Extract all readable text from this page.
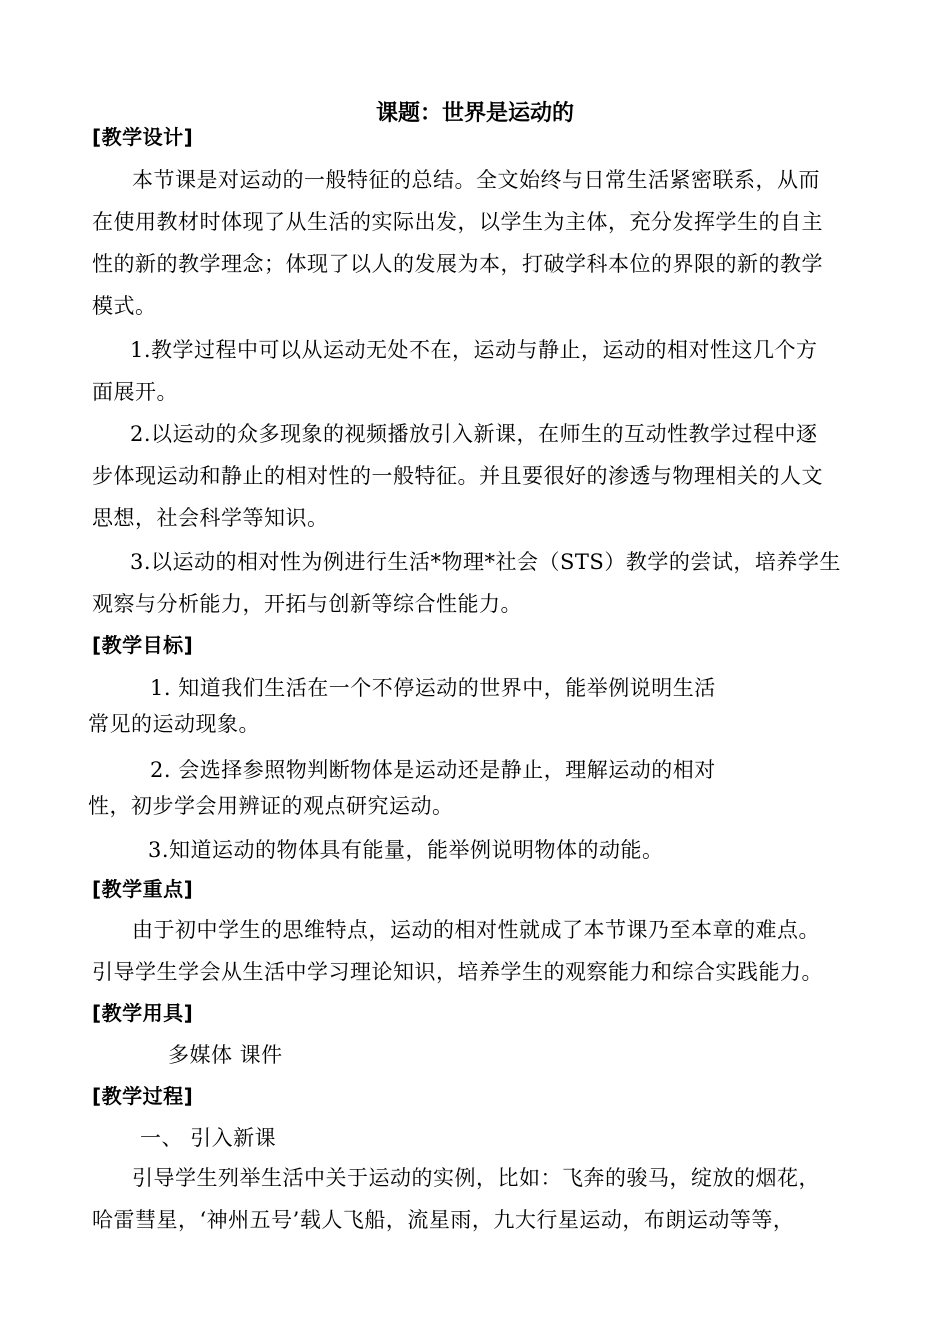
课题：世界是运动的
[教学设计]
本节课是对运动的一般特征的总结。全文始终与日常生活紧密联系，从而
在使用教材时体现了从生活的实际出发，以学生为主体，充分发挥学生的自主
性的新的教学理念；体现了以人的发展为本，打破学科本位的界限的新的教学
模式。
1.教学过程中可以从运动无处不在，运动与静止，运动的相对性这几个方
面展开。
2.以运动的众多现象的视频播放引入新课，在师生的互动性教学过程中逐
步体现运动和静止的相对性的一般特征。并且要很好的渗透与物理相关的人文
思想，社会科学等知识。
3.以运动的相对性为例进行生活*物理*社会（STS）教学的尝试，培养学生
观察与分析能力，开拓与创新等综合性能力。
[教学目标]
1. 知道我们生活在一个不停运动的世界中，能举例说明生活
常见的运动现象。
2. 会选择参照物判断物体是运动还是静止，理解运动的相对
性，初步学会用辨证的观点研究运动。
3.知道运动的物体具有能量，能举例说明物体的动能。
[教学重点]
由于初中学生的思维特点，运动的相对性就成了本节课乃至本章的难点。
引导学生学会从生活中学习理论知识，培养学生的观察能力和综合实践能力。
[教学用具]
多媒体 课件
[教学过程]
一、 引入新课
引导学生列举生活中关于运动的实例，比如：飞奔的骏马，绽放的烟花，
哈雷彗星，‘神州五号’载人飞船，流星雨，九大行星运动，布朗运动等等，
